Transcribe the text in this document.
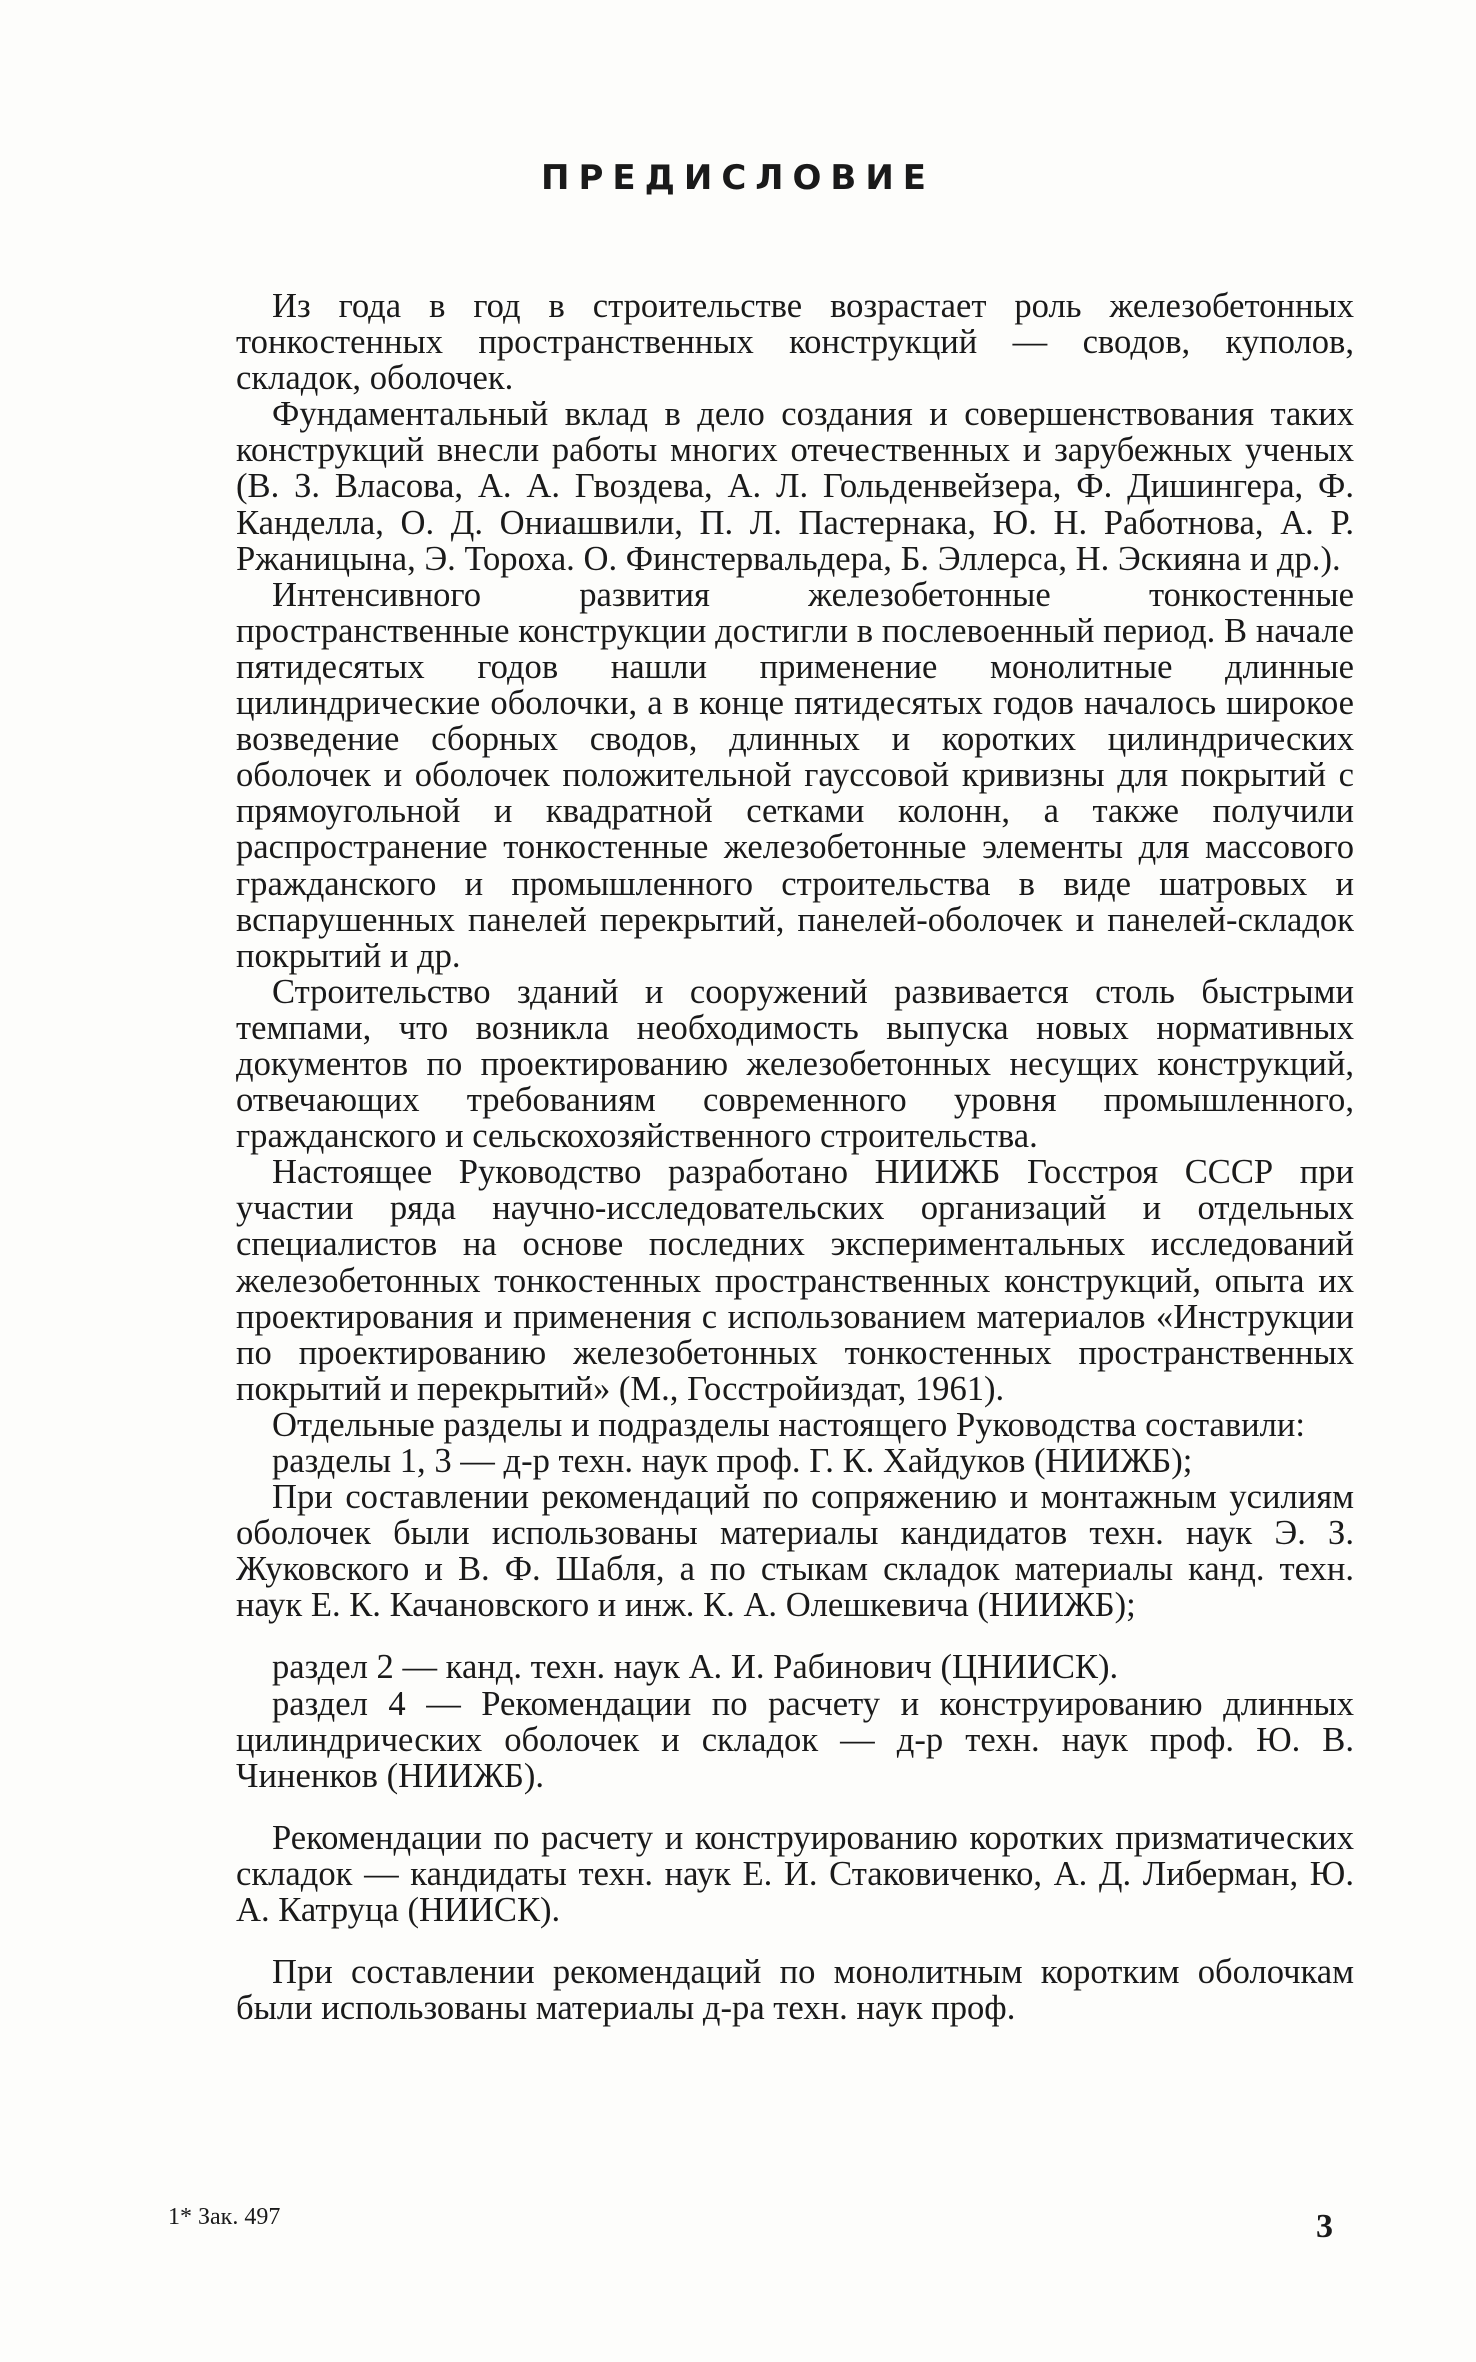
ПРЕДИСЛОВИЕ

Из года в год в строительстве возрастает роль железобетонных тонкостенных пространственных конструкций — сводов, куполов, складок, оболочек.

Фундаментальный вклад в дело создания и совершенствования таких конструкций внесли работы многих отечественных и зарубежных ученых (В. З. Власова, А. А. Гвоздева, А. Л. Гольденвейзера, Ф. Дишингера, Ф. Канделла, О. Д. Ониашвили, П. Л. Пастернака, Ю. Н. Работнова, А. Р. Ржаницына, Э. Тороха. О. Финстервальдера, Б. Эллерса, Н. Эскияна и др.).

Интенсивного развития железобетонные тонкостенные пространственные конструкции достигли в послевоенный период. В начале пятидесятых годов нашли применение монолитные длинные цилиндрические оболочки, а в конце пятидесятых годов началось широкое возведение сборных сводов, длинных и коротких цилиндрических оболочек и оболочек положительной гауссовой кривизны для покрытий с прямоугольной и квадратной сетками колонн, а также получили распространение тонкостенные железобетонные элементы для массового гражданского и промышленного строительства в виде шатровых и вспарушенных панелей перекрытий, панелей-оболочек и панелей-складок покрытий и др.

Строительство зданий и сооружений развивается столь быстрыми темпами, что возникла необходимость выпуска новых нормативных документов по проектированию железобетонных несущих конструкций, отвечающих требованиям современного уровня промышленного, гражданского и сельскохозяйственного строительства.

Настоящее Руководство разработано НИИЖБ Госстроя СССР при участии ряда научно-исследовательских организаций и отдельных специалистов на основе последних экспериментальных исследований железобетонных тонкостенных пространственных конструкций, опыта их проектирования и применения с использованием материалов «Инструкции по проектированию железобетонных тонкостенных пространственных покрытий и перекрытий» (М., Госстройиздат, 1961).

Отдельные разделы и подразделы настоящего Руководства составили:

разделы 1, 3 — д-р техн. наук проф. Г. К. Хайдуков (НИИЖБ);

При составлении рекомендаций по сопряжению и монтажным усилиям оболочек были использованы материалы кандидатов техн. наук Э. З. Жуковского и В. Ф. Шабля, а по стыкам складок материалы канд. техн. наук Е. К. Качановского и инж. К. А. Олешкевича (НИИЖБ);

раздел 2 — канд. техн. наук А. И. Рабинович (ЦНИИСК).

раздел 4 — Рекомендации по расчету и конструированию длинных цилиндрических оболочек и складок — д-р техн. наук проф. Ю. В. Чиненков (НИИЖБ).

Рекомендации по расчету и конструированию коротких призматических складок — кандидаты техн. наук Е. И. Стаковиченко, А. Д. Либерман, Ю. А. Катруца (НИИСК).

При составлении рекомендаций по монолитным коротким оболочкам были использованы материалы д-ра техн. наук проф.

1* Зак. 497	3
